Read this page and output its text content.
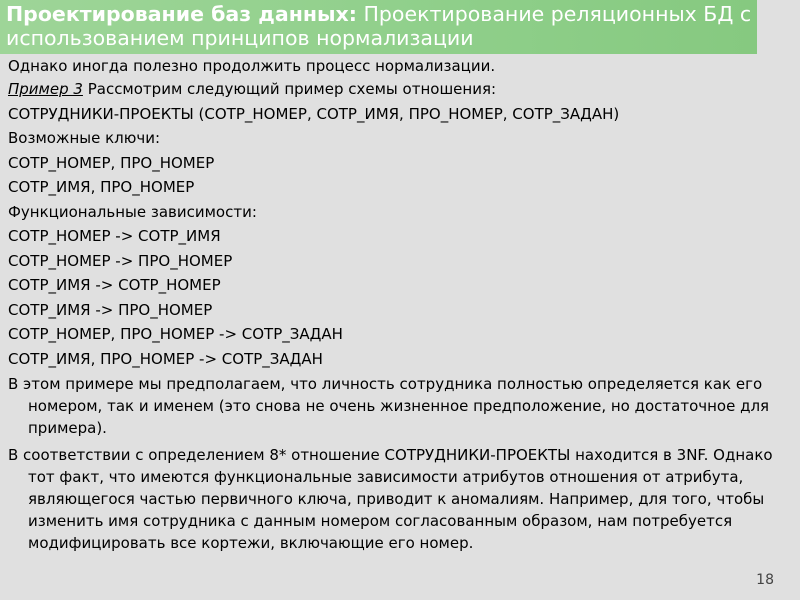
Проектирование баз данных: Проектирование реляционных БД с использованием принципов нормализации

Однако иногда полезно продолжить процесс нормализации.

Пример 3 Рассмотрим следующий пример схемы отношения:

СОТРУДНИКИ-ПРОЕКТЫ (СОТР_НОМЕР, СОТР_ИМЯ, ПРО_НОМЕР, СОТР_ЗАДАН)

Возможные ключи:

СОТР_НОМЕР, ПРО_НОМЕР

СОТР_ИМЯ, ПРО_НОМЕР

Функциональные зависимости:

СОТР_НОМЕР -> СОТР_ИМЯ

СОТР_НОМЕР -> ПРО_НОМЕР

СОТР_ИМЯ -> СОТР_НОМЕР

СОТР_ИМЯ -> ПРО_НОМЕР

СОТР_НОМЕР, ПРО_НОМЕР -> СОТР_ЗАДАН

СОТР_ИМЯ, ПРО_НОМЕР -> СОТР_ЗАДАН

В этом примере мы предполагаем, что личность сотрудника полностью определяется как его номером, так и именем (это снова не очень жизненное предположение, но достаточное для примера).

В соответствии с определением 8* отношение СОТРУДНИКИ-ПРОЕКТЫ находится в 3NF. Однако тот факт, что имеются функциональные зависимости атрибутов отношения от атрибута, являющегося частью первичного ключа, приводит к аномалиям. Например, для того, чтобы изменить имя сотрудника с данным номером согласованным образом, нам потребуется модифицировать все кортежи, включающие его номер.

18
